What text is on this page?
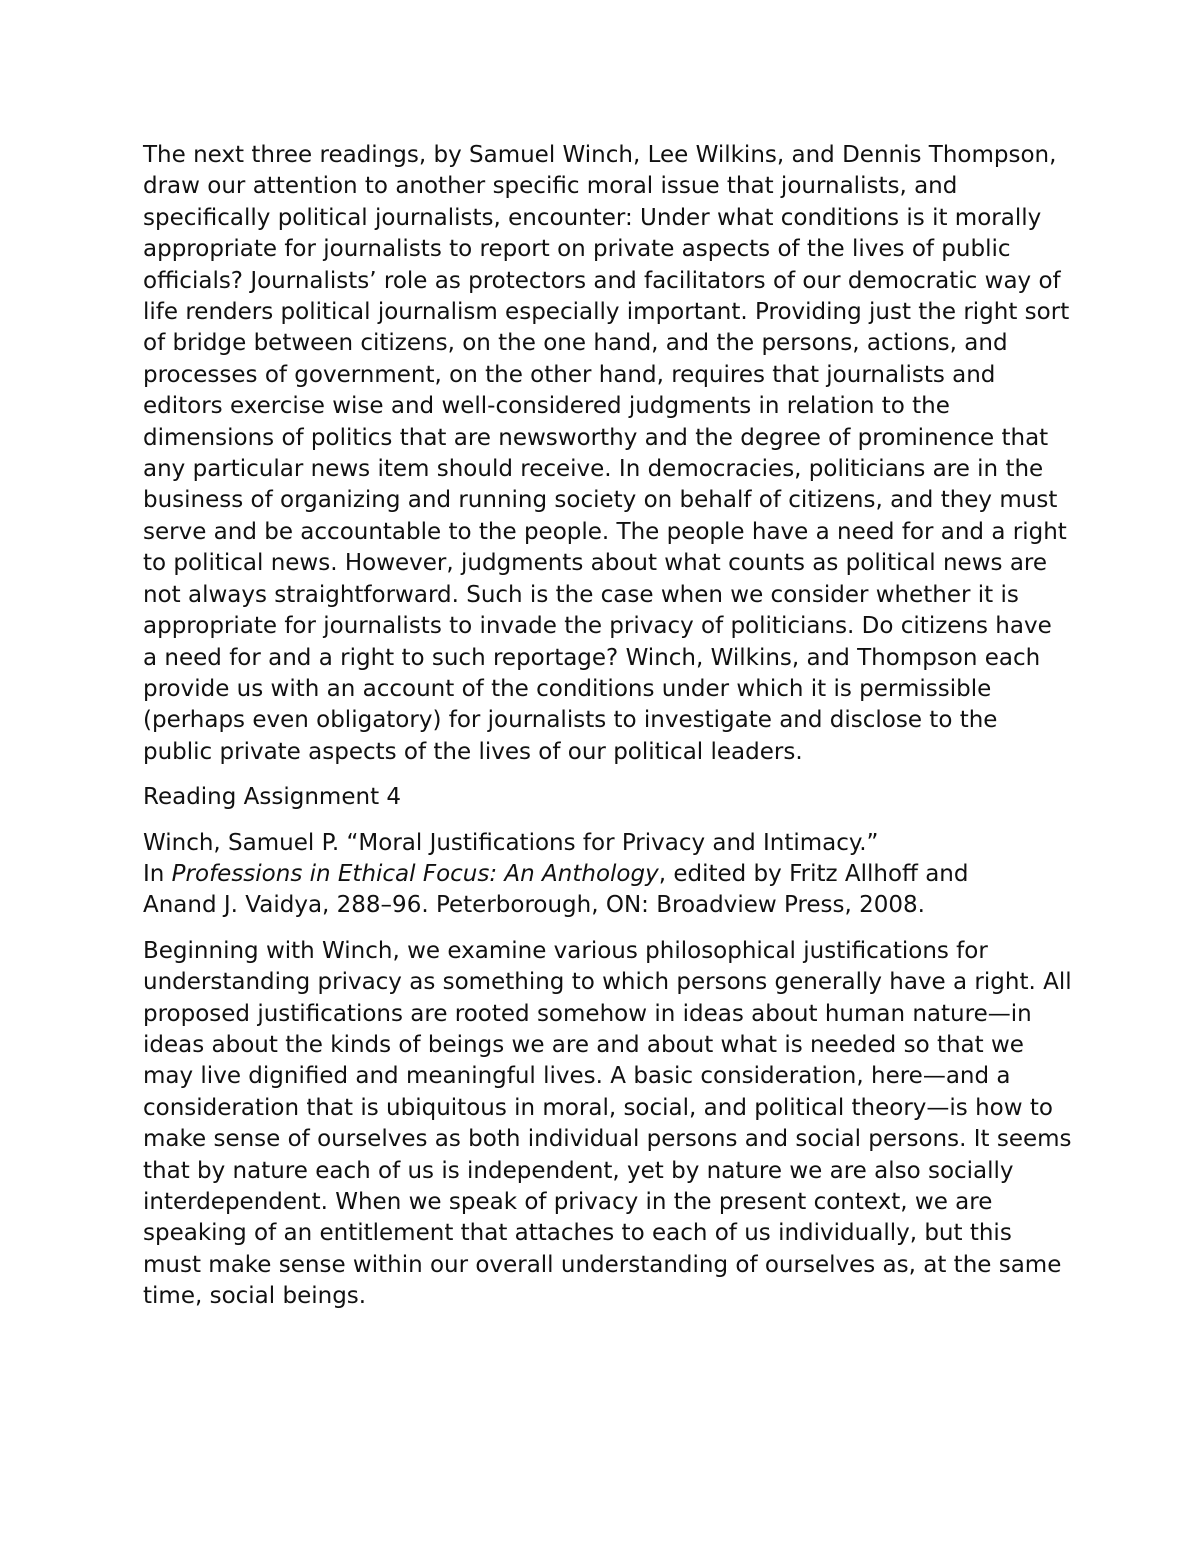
The next three readings, by Samuel Winch, Lee Wilkins, and Dennis Thompson, draw our attention to another specific moral issue that journalists, and specifically political journalists, encounter: Under what conditions is it morally appropriate for journalists to report on private aspects of the lives of public officials? Journalists’ role as protectors and facilitators of our democratic way of life renders political journalism especially important. Providing just the right sort of bridge between citizens, on the one hand, and the persons, actions, and processes of government, on the other hand, requires that journalists and editors exercise wise and well-considered judgments in relation to the dimensions of politics that are newsworthy and the degree of prominence that any particular news item should receive. In democracies, politicians are in the business of organizing and running society on behalf of citizens, and they must serve and be accountable to the people. The people have a need for and a right to political news. However, judgments about what counts as political news are not always straightforward. Such is the case when we consider whether it is appropriate for journalists to invade the privacy of politicians. Do citizens have a need for and a right to such reportage? Winch, Wilkins, and Thompson each provide us with an account of the conditions under which it is permissible (perhaps even obligatory) for journalists to investigate and disclose to the public private aspects of the lives of our political leaders.

Reading Assignment 4

Winch, Samuel P. “Moral Justifications for Privacy and Intimacy.”
In Professions in Ethical Focus: An Anthology, edited by Fritz Allhoff and
Anand J. Vaidya, 288–96. Peterborough, ON: Broadview Press, 2008.

Beginning with Winch, we examine various philosophical justifications for understanding privacy as something to which persons generally have a right. All proposed justifications are rooted somehow in ideas about human nature—in ideas about the kinds of beings we are and about what is needed so that we may live dignified and meaningful lives. A basic consideration, here—and a consideration that is ubiquitous in moral, social, and political theory—is how to make sense of ourselves as both individual persons and social persons. It seems that by nature each of us is independent, yet by nature we are also socially interdependent. When we speak of privacy in the present context, we are speaking of an entitlement that attaches to each of us individually, but this must make sense within our overall understanding of ourselves as, at the same time, social beings.
